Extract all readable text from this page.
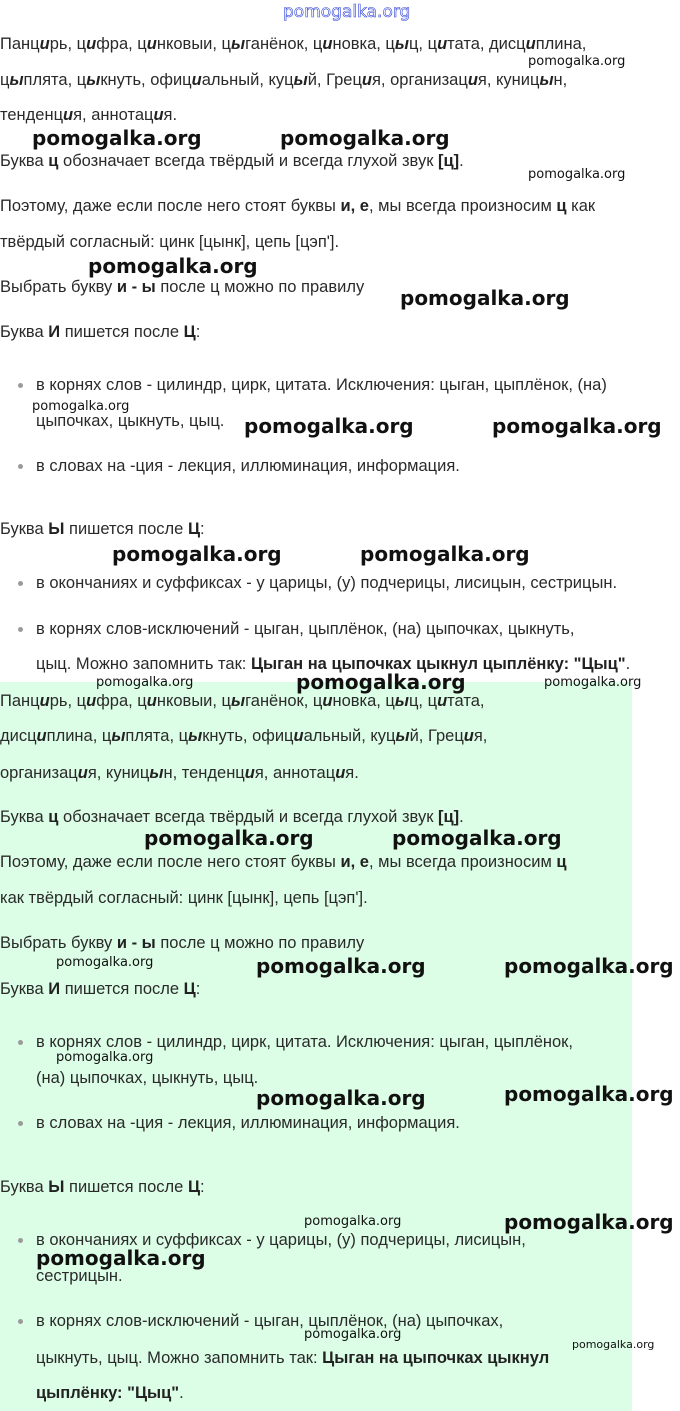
pomogalka.org
Панцирь, цифра, цинковыи, цыганёнок, циновка, цыц, цитата, дисциплина,
цыплята, цыкнуть, официальный, куцый, Греция, организация, куницын,
тенденция, аннотация.
Буква ц обозначает всегда твёрдый и всегда глухой звук [ц].
Поэтому, даже если после него стоят буквы и, е, мы всегда произносим ц как
твёрдый согласный: цинк [цынк], цепь [цэп'].
Выбрать букву и - ы после ц можно по правилу
Буква И пишется после Ц:
в корнях слов - цилиндр, цирк, цитата. Исключения: цыган, цыплёнок, (на)
цыпочках, цыкнуть, цыц.
в словах на -ция - лекция, иллюминация, информация.
Буква Ы пишется после Ц:
в окончаниях и суффиксах - у царицы, (у) подчерицы, лисицын, сестрицын.
в корнях слов-исключений - цыган, цыплёнок, (на) цыпочках, цыкнуть,
цыц. Можно запомнить так: Цыган на цыпочках цыкнул цыплёнку: "Цыц".
Панцирь, цифра, цинковыи, цыганёнок, циновка, цыц, цитата,
дисциплина, цыплята, цыкнуть, официальный, куцый, Греция,
организация, куницын, тенденция, аннотация.
Буква ц обозначает всегда твёрдый и всегда глухой звук [ц].
Поэтому, даже если после него стоят буквы и, е, мы всегда произносим ц
как твёрдый согласный: цинк [цынк], цепь [цэп'].
Выбрать букву и - ы после ц можно по правилу
Буква И пишется после Ц:
в корнях слов - цилиндр, цирк, цитата. Исключения: цыган, цыплёнок,
(на) цыпочках, цыкнуть, цыц.
в словах на -ция - лекция, иллюминация, информация.
Буква Ы пишется после Ц:
в окончаниях и суффиксах - у царицы, (у) подчерицы, лисицын,
сестрицын.
в корнях слов-исключений - цыган, цыплёнок, (на) цыпочках,
цыкнуть, цыц. Можно запомнить так: Цыган на цыпочках цыкнул
цыплёнку: "Цыц".
pomogalka.org	pomogalka.org
pomogalka.org
pomogalka.org
pomogalka.org
pomogalka.org
pomogalka.org
pomogalka.org	pomogalka.org
pomogalka.org	pomogalka.org
pomogalka.org	pomogalka.org	pomogalka.org
pomogalka.org	pomogalka.org
pomogalka.org	pomogalka.org	pomogalka.org
pomogalka.org
pomogalka.org	pomogalka.org
pomogalka.org	pomogalka.org
pomogalka.org
pomogalka.org
pomogalka.org
